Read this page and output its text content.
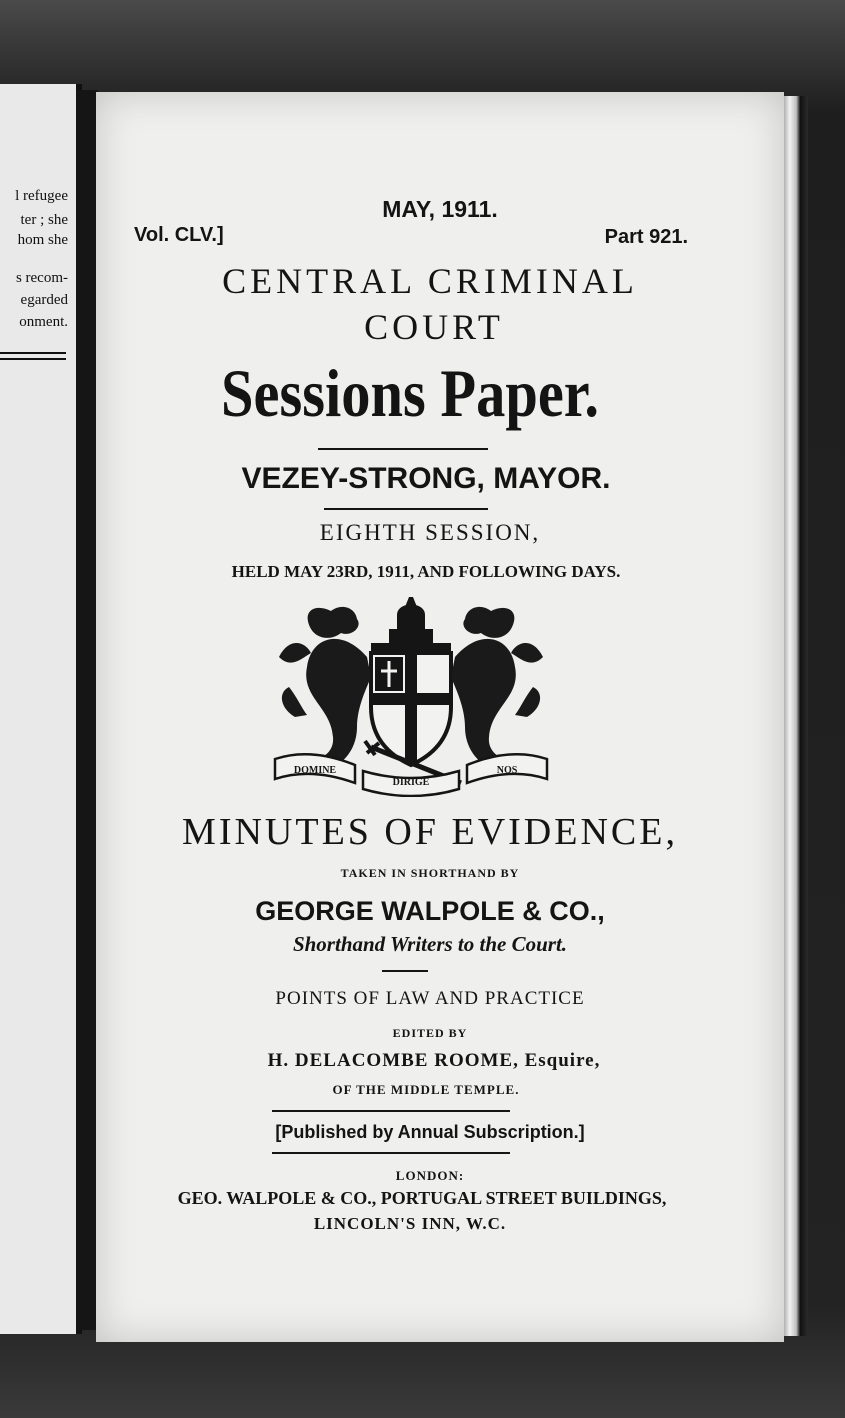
l refugee
ter ; she
hom she
s recom-
egarded
onment.
MAY, 1911.
Vol. CLV.]	Part 921.
CENTRAL CRIMINAL
COURT
Sessions Paper.
VEZEY-STRONG, MAYOR.
EIGHTH SESSION,
HELD MAY 23RD, 1911, AND FOLLOWING DAYS.
DOMINE
DIRIGE
NOS
MINUTES OF EVIDENCE,
TAKEN IN SHORTHAND BY
GEORGE WALPOLE & CO.,
Shorthand Writers to the Court.
POINTS OF LAW AND PRACTICE
EDITED BY
H. DELACOMBE ROOME, Esquire,
OF THE MIDDLE TEMPLE.
[Published by Annual Subscription.]
LONDON:
GEO. WALPOLE & CO., PORTUGAL STREET BUILDINGS,
LINCOLN'S INN, W.C.
